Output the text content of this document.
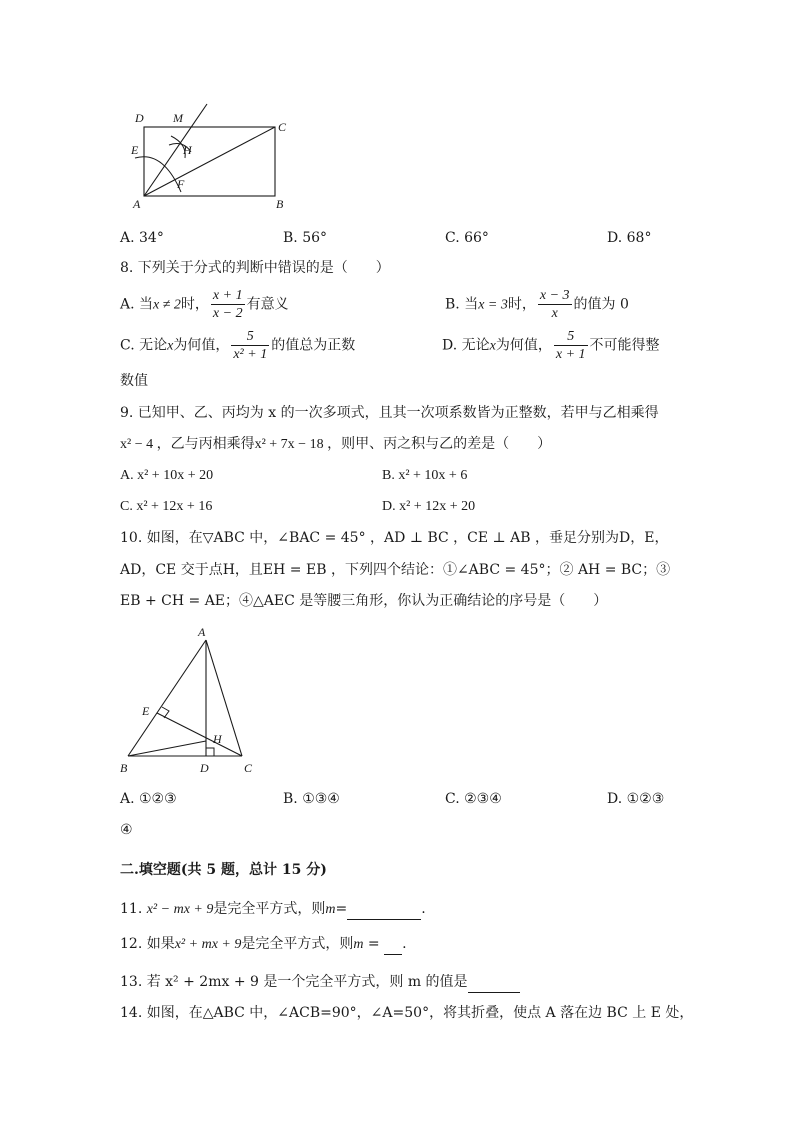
D M
C
E	H
F
A	B
A. 34°	B. 56°	C. 66°	D. 68°
8. 下列关于分式的判断中错误的是（　　）
A. 当x ≠ 2时， $\frac{x + 1}{x - 2}$ 有意义	B. 当x = 3时， $\frac{x - 3}{x}$ 的值为 0
C. 无论x为何值， $\frac{5}{\text{x² + 1}}$ 的值总为正数	D. 无论x为何值， $\frac{5}{x + 1}$ 不可能得整
数值
9. 已知甲、乙、丙均为 x 的一次多项式，且其一次项系数皆为正整数，若甲与乙相乘得
x² − 4 ，乙与丙相乘得x² + 7x − 18 ，则甲、丙之积与乙的差是（　　）
A. x² + 10x + 20	B. x² + 10x + 6
C. x² + 12x + 16	D. x² + 12x + 20
10. 如图，在▽ABC 中，∠BAC = 45° ，AD ⊥ BC ，CE ⊥ AB ，垂足分别为D，E，
AD，CE 交于点H，且EH = EB ，下列四个结论：①∠ABC = 45°；② AH = BC；③
EB + CH = AE；④△AEC 是等腰三角形，你认为正确结论的序号是（　　）
A
E
H
B	D	C
A. ①②③	B. ①③④	C. ②③④	D. ①②③
④
二.填空题(共 5 题，总计 15 分)
11. x² − mx + 9是完全平方式，则m=	.
12. 如果x² + mx + 9是完全平方式，则m =  .
13. 若 x² + 2mx + 9 是一个完全平方式，则 m 的值是
14. 如图，在△ABC 中，∠ACB=90°，∠A=50°，将其折叠，使点 A 落在边 BC 上 E 处，
